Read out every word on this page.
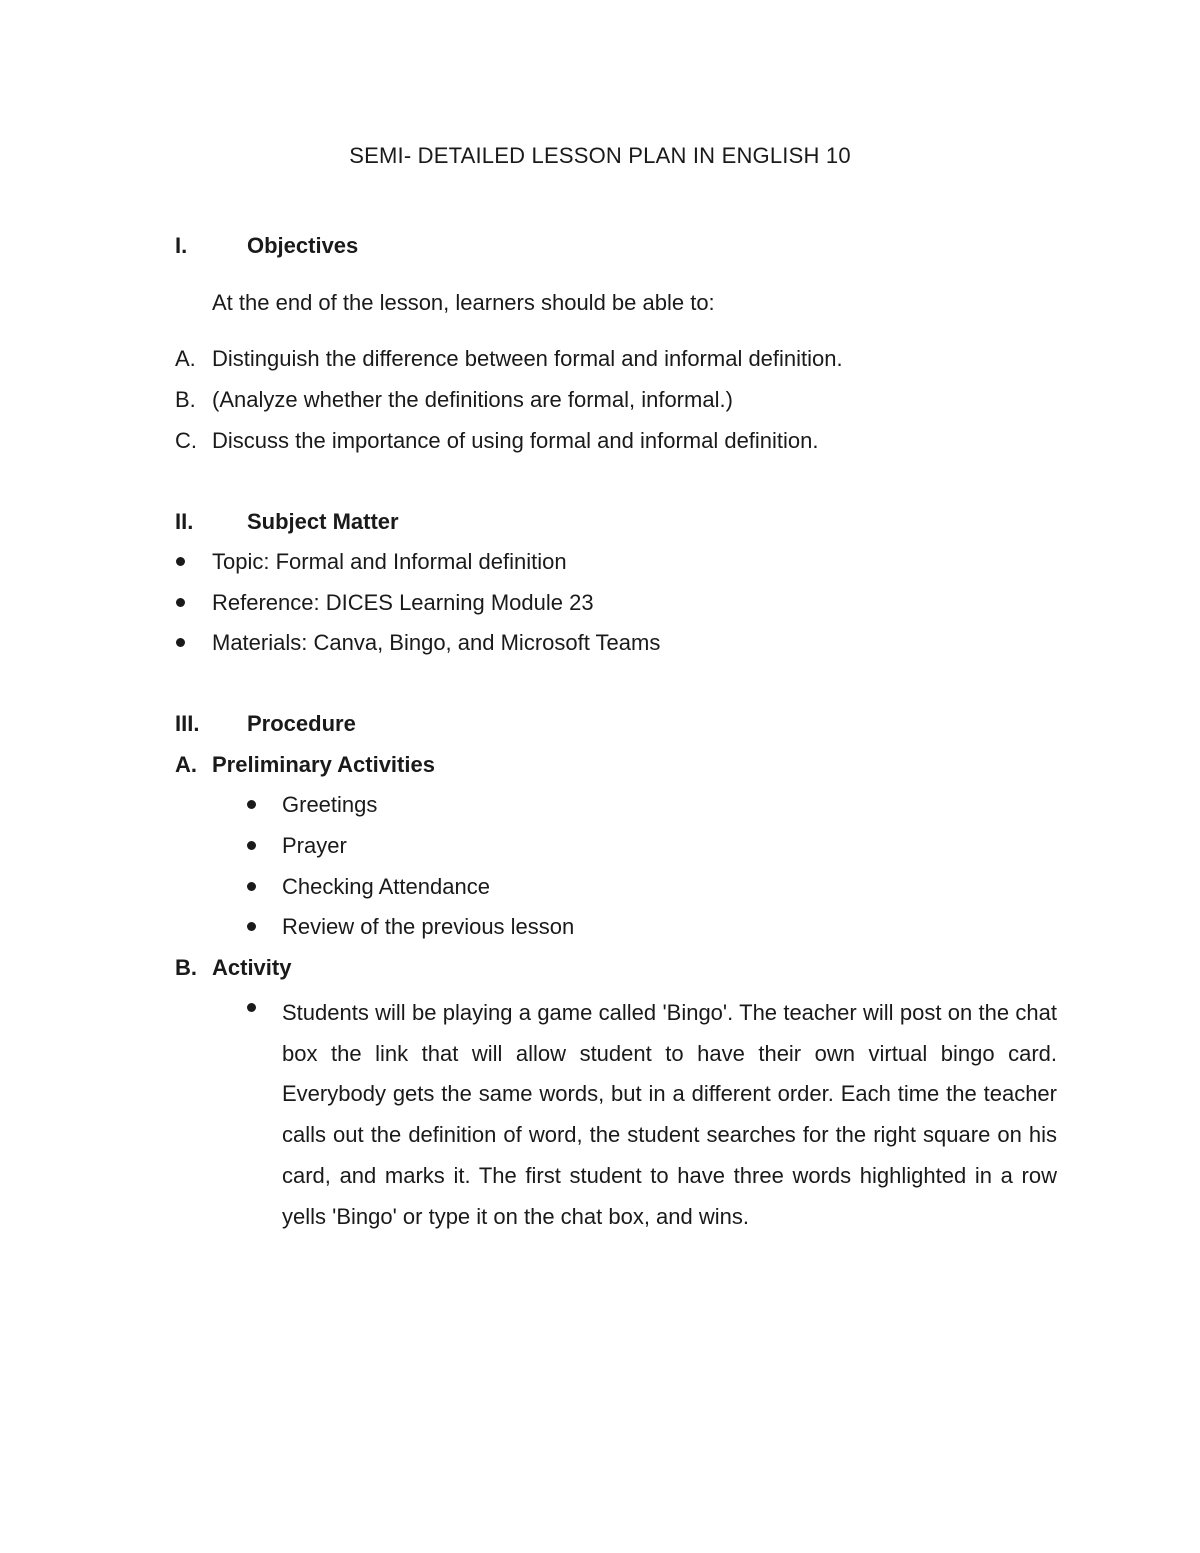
SEMI- DETAILED LESSON PLAN IN ENGLISH 10
I.	Objectives
At the end of the lesson, learners should be able to:
A. Distinguish the difference between formal and informal definition.
B. (Analyze whether the definitions are formal, informal.)
C. Discuss the importance of using formal and informal definition.
II. Subject Matter
Topic: Formal and Informal definition
Reference: DICES Learning Module 23
Materials: Canva, Bingo, and Microsoft Teams
III. Procedure
A. Preliminary Activities
Greetings
Prayer
Checking Attendance
Review of the previous lesson
B. Activity
Students will be playing a game called 'Bingo'. The teacher will post on the chat box the link that will allow student to have their own virtual bingo card. Everybody gets the same words, but in a different order. Each time the teacher calls out the definition of word, the student searches for the right square on his card, and marks it. The first student to have three words highlighted in a row yells 'Bingo' or type it on the chat box, and wins.
